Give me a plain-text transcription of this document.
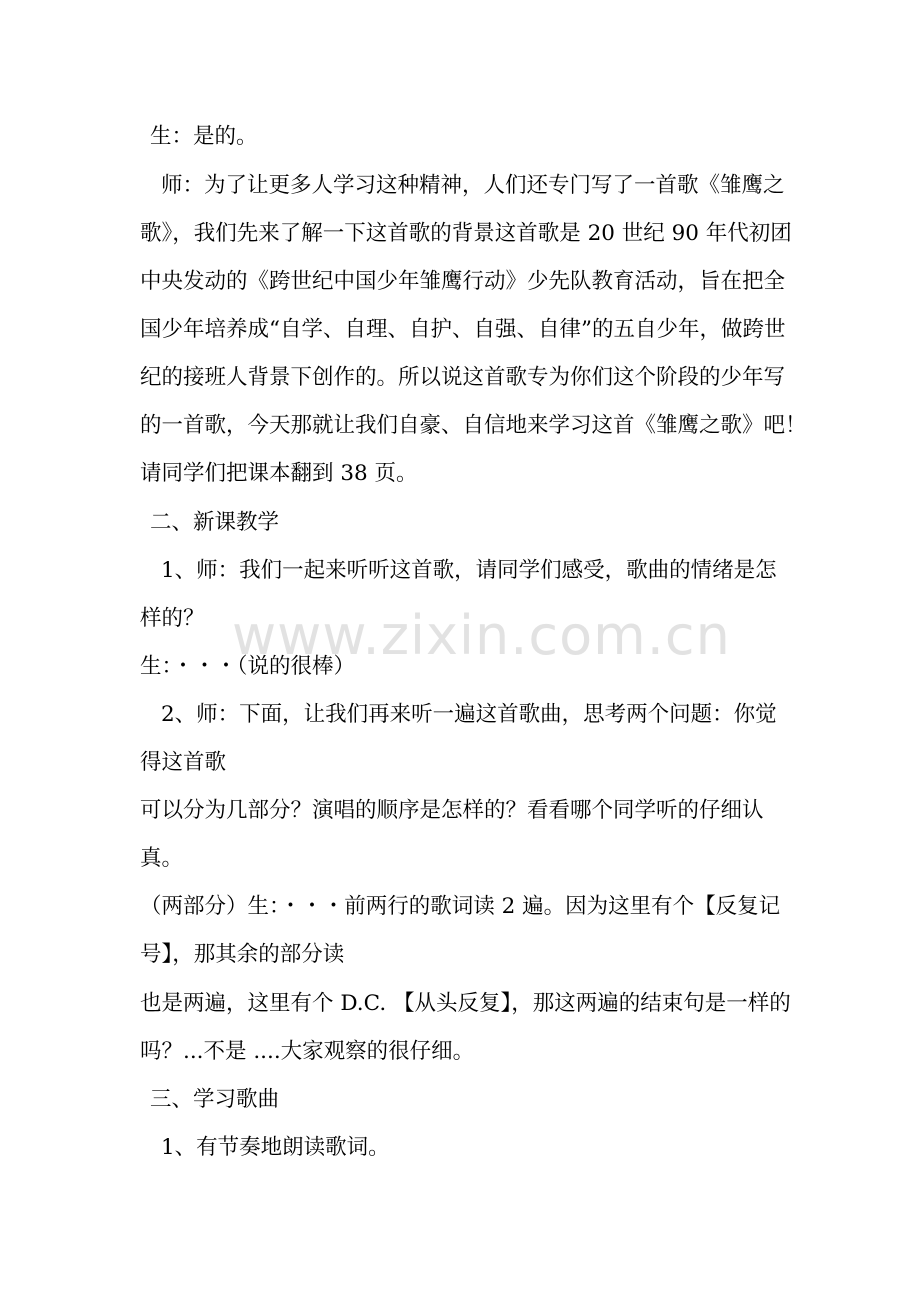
生：是的。
师：为了让更多人学习这种精神，人们还专门写了一首歌《雏鹰之
歌》，我们先来了解一下这首歌的背景这首歌是 20 世纪 90 年代初团
中央发动的《跨世纪中国少年雏鹰行动》少先队教育活动，旨在把全
国少年培养成“自学、自理、自护、自强、自律”的五自少年，做跨世
纪的接班人背景下创作的。所以说这首歌专为你们这个阶段的少年写
的一首歌，今天那就让我们自豪、自信地来学习这首《雏鹰之歌》吧！
请同学们把课本翻到 38 页。
二、新课教学
1、师：我们一起来听听这首歌，请同学们感受，歌曲的情绪是怎
样的？
生：・・・（说的很棒）
2、师：下面，让我们再来听一遍这首歌曲，思考两个问题：你觉
得这首歌
可以分为几部分？演唱的顺序是怎样的？看看哪个同学听的仔细认
真。
（两部分）生：・・・前两行的歌词读 2 遍。因为这里有个【反复记
号】，那其余的部分读
也是两遍，这里有个 D.C. 【从头反复】，那这两遍的结束句是一样的
吗？...不是 ....大家观察的很仔细。
三、学习歌曲
1、有节奏地朗读歌词。
www.zixin.com.cn
